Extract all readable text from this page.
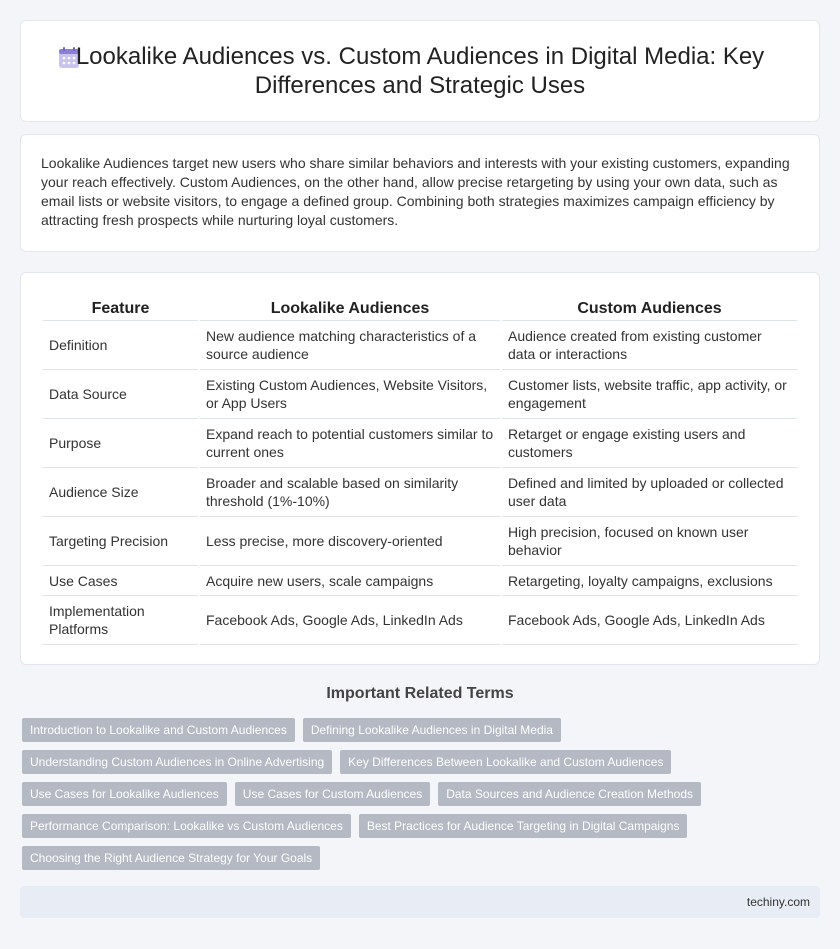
Lookalike Audiences vs. Custom Audiences in Digital Media: Key Differences and Strategic Uses

Lookalike Audiences target new users who share similar behaviors and interests with your existing customers, expanding your reach effectively. Custom Audiences, on the other hand, allow precise retargeting by using your own data, such as email lists or website visitors, to engage a defined group. Combining both strategies maximizes campaign efficiency by attracting fresh prospects while nurturing loyal customers.

Feature	Lookalike Audiences	Custom Audiences
Definition	New audience matching characteristics of a source audience	Audience created from existing customer data or interactions
Data Source	Existing Custom Audiences, Website Visitors, or App Users	Customer lists, website traffic, app activity, or engagement
Purpose	Expand reach to potential customers similar to current ones	Retarget or engage existing users and customers
Audience Size	Broader and scalable based on similarity threshold (1%-10%)	Defined and limited by uploaded or collected user data
Targeting Precision	Less precise, more discovery-oriented	High precision, focused on known user behavior
Use Cases	Acquire new users, scale campaigns	Retargeting, loyalty campaigns, exclusions
Implementation Platforms	Facebook Ads, Google Ads, LinkedIn Ads	Facebook Ads, Google Ads, LinkedIn Ads
Important Related Terms
Introduction to Lookalike and Custom Audiences	Defining Lookalike Audiences in Digital Media
Understanding Custom Audiences in Online Advertising	Key Differences Between Lookalike and Custom Audiences
Use Cases for Lookalike Audiences	Use Cases for Custom Audiences	Data Sources and Audience Creation Methods
Performance Comparison: Lookalike vs Custom Audiences	Best Practices for Audience Targeting in Digital Campaigns
Choosing the Right Audience Strategy for Your Goals
techiny.com
